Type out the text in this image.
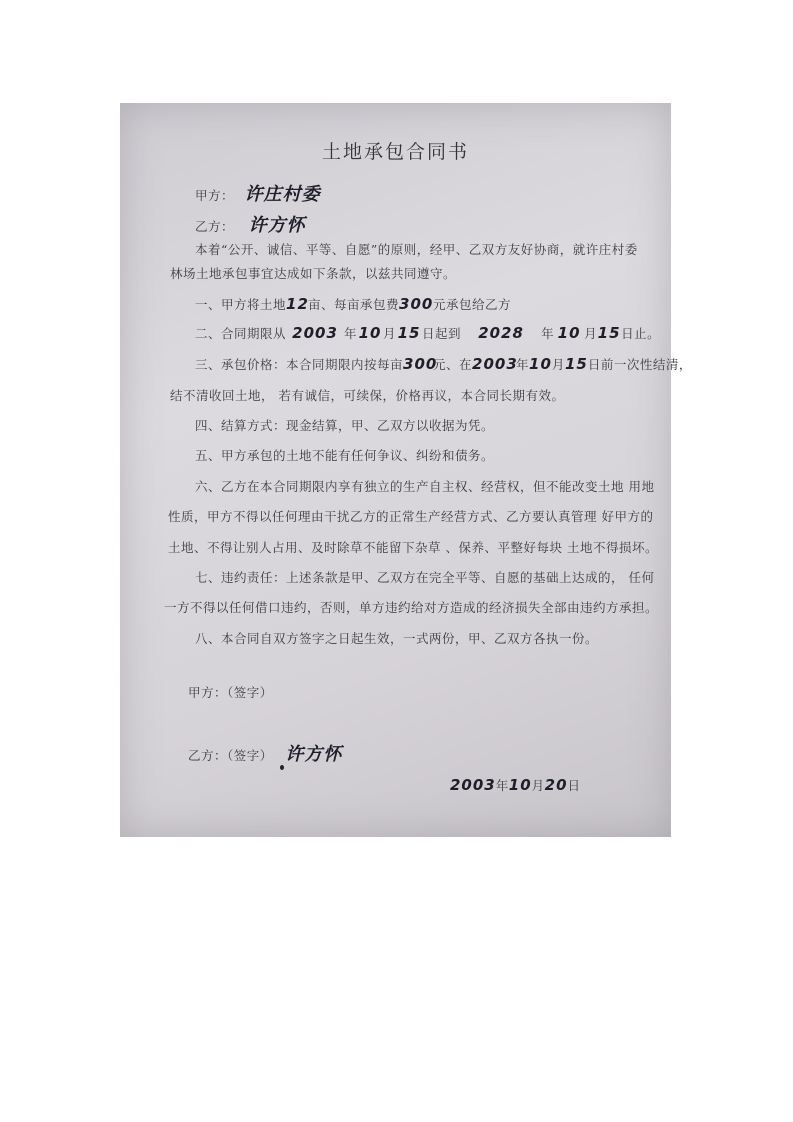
土地承包合同书
甲方： 许庄村委
乙方： 许方怀
本着“公开、诚信、平等、自愿”的原则，经甲、乙双方友好协商，就许庄村委
林场土地承包事宜达成如下条款，以兹共同遵守。
一、甲方将土地12亩、每亩承包费300元承包给乙方
二、合同期限从 2003 年 10 月 15 日起到 2028 年 10 月15日止。
三、承包价格：本合同期限内按每亩300元、在2003年10月15日前一次性结清，
结不清收回土地， 若有诚信，可续保，价格再议，本合同长期有效。
四、结算方式：现金结算，甲、乙双方以收据为凭。
五、甲方承包的土地不能有任何争议、纠纷和债务。
六、乙方在本合同期限内享有独立的生产自主权、经营权，但不能改变土地 用地
性质，甲方不得以任何理由干扰乙方的正常生产经营方式、乙方要认真管理 好甲方的
土地、不得让别人占用、及时除草不能留下杂草 、保养、平整好每块 土地不得损坏。
七、违约责任：上述条款是甲、乙双方在完全平等、自愿的基础上达成的， 任何
一方不得以任何借口违约，否则，单方违约给对方造成的经济损失全部由违约方承担。
八、本合同自双方签字之日起生效，一式两份，甲、乙双方各执一份。
甲方：（签字）
乙方：（签字） 许方怀
2003年10月20日
